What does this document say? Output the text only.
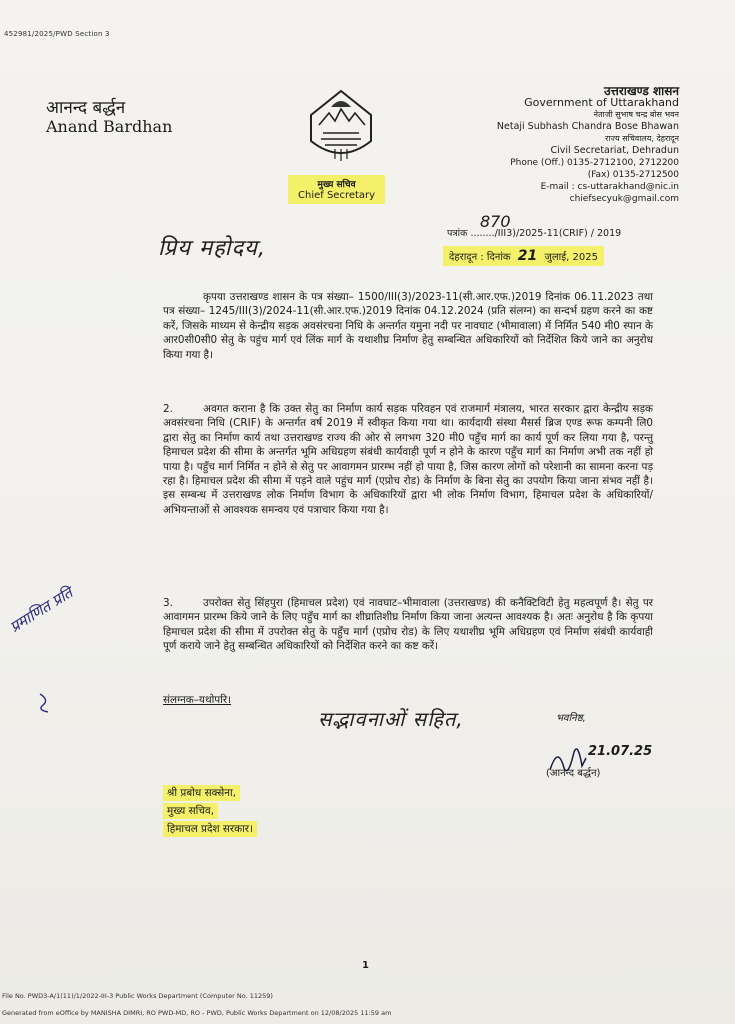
452981/2025/PWD Section 3
आनन्द बर्द्धन
Anand Bardhan
मुख्य सचिव
Chief Secretary
उत्तराखण्ड शासन
Government of Uttarakhand
नेताजी सुभाष चन्द्र बोस भवन
Netaji Subhash Chandra Bose Bhawan
राज्य सचिवालय, देहरादून
Civil Secretariat, Dehradun
Phone (Off.) 0135-2712100, 2712200
(Fax) 0135-2712500
E-mail : cs-uttarakhand@nic.in
chiefsecyuk@gmail.com
प्रिय महोदय,
870
पत्रांक ......../III3)/2025-11(CRIF) / 2019
देहरादून : दिनांक 21 जुलाई, 2025
कृपया उत्तराखण्ड शासन के पत्र संख्या– 1500/III(3)/2023-11(सी.आर.एफ.)2019 दिनांक 06.11.2023 तथा पत्र संख्या– 1245/III(3)/2024-11(सी.आर.एफ.)2019 दिनांक 04.12.2024 (प्रति संलग्न) का सन्दर्भ ग्रहण करने का कष्ट करें, जिसके माध्यम से केन्द्रीय सड़क अवसंरचना निधि के अन्तर्गत यमुना नदी पर नावघाट (भीमावाला) में निर्मित 540 मी0 स्पान के आर0सी0सी0 सेतु के पहुंच मार्ग एवं लिंक मार्ग के यथाशीघ्र निर्माण हेतु सम्बन्धित अधिकारियों को निर्देशित किये जाने का अनुरोध किया गया है।
2.	अवगत कराना है कि उक्त सेतु का निर्माण कार्य सड़क परिवहन एवं राजमार्ग मंत्रालय, भारत सरकार द्वारा केन्द्रीय सड़क अवसंरचना निधि (CRIF) के अन्तर्गत वर्ष 2019 में स्वीकृत किया गया था। कार्यदायी संस्था मैसर्स ब्रिज एण्ड रूफ कम्पनी लि0 द्वारा सेतु का निर्माण कार्य तथा उत्तराखण्ड राज्य की ओर से लगभग 320 मी0 पहुँच मार्ग का कार्य पूर्ण कर लिया गया है, परन्तु हिमाचल प्रदेश की सीमा के अन्तर्गत भूमि अधिग्रहण संबंधी कार्यवाही पूर्ण न होने के कारण पहुँच मार्ग का निर्माण अभी तक नहीं हो पाया है। पहुँच मार्ग निर्मित न होने से सेतु पर आवागमन प्रारम्भ नहीं हो पाया है, जिस कारण लोगों को परेशानी का सामना करना पड़ रहा है। हिमाचल प्रदेश की सीमा में पड़ने वाले पहुंच मार्ग (एप्रोच रोड) के निर्माण के बिना सेतु का उपयोग किया जाना संभव नहीं है। इस सम्बन्ध में उत्तराखण्ड लोक निर्माण विभाग के अधिकारियों द्वारा भी लोक निर्माण विभाग, हिमाचल प्रदेश के अधिकारियों/अभियन्ताओं से आवश्यक समन्वय एवं पत्राचार किया गया है।
3.	उपरोक्त सेतु सिंहपुरा (हिमाचल प्रदेश) एवं नावघाट–भीमावाला (उत्तराखण्ड) की कनैक्टिविटी हेतु महत्वपूर्ण है। सेतु पर आवागमन प्रारम्भ किये जाने के लिए पहुँच मार्ग का शीघ्रातिशीघ्र निर्माण किया जाना अत्यन्त आवश्यक है। अतः अनुरोध है कि कृपया हिमाचल प्रदेश की सीमा में उपरोक्त सेतु के पहुँच मार्ग (एप्रोच रोड) के लिए यथाशीघ्र भूमि अधिग्रहण एवं निर्माण संबंधी कार्यवाही पूर्ण कराये जाने हेतु सम्बन्धित अधिकारियों को निर्देशित करने का कष्ट करें।
संलग्नक–यथोपरि।
सद्भावनाओं सहित,	भवनिष्ठ,
21.07.25
(आनन्द बर्द्धन)
प्रमाणित प्रति
श्री प्रबोध सक्सेना,
मुख्य सचिव,
हिमाचल प्रदेश सरकार।
1
File No. PWD3-A/1(11)/1/2022-III-3 Public Works Department (Computer No. 11259)
Generated from eOffice by MANISHA DIMRI, RO PWD-MD, RO - PWD, Public Works Department on 12/08/2025 11:59 am
